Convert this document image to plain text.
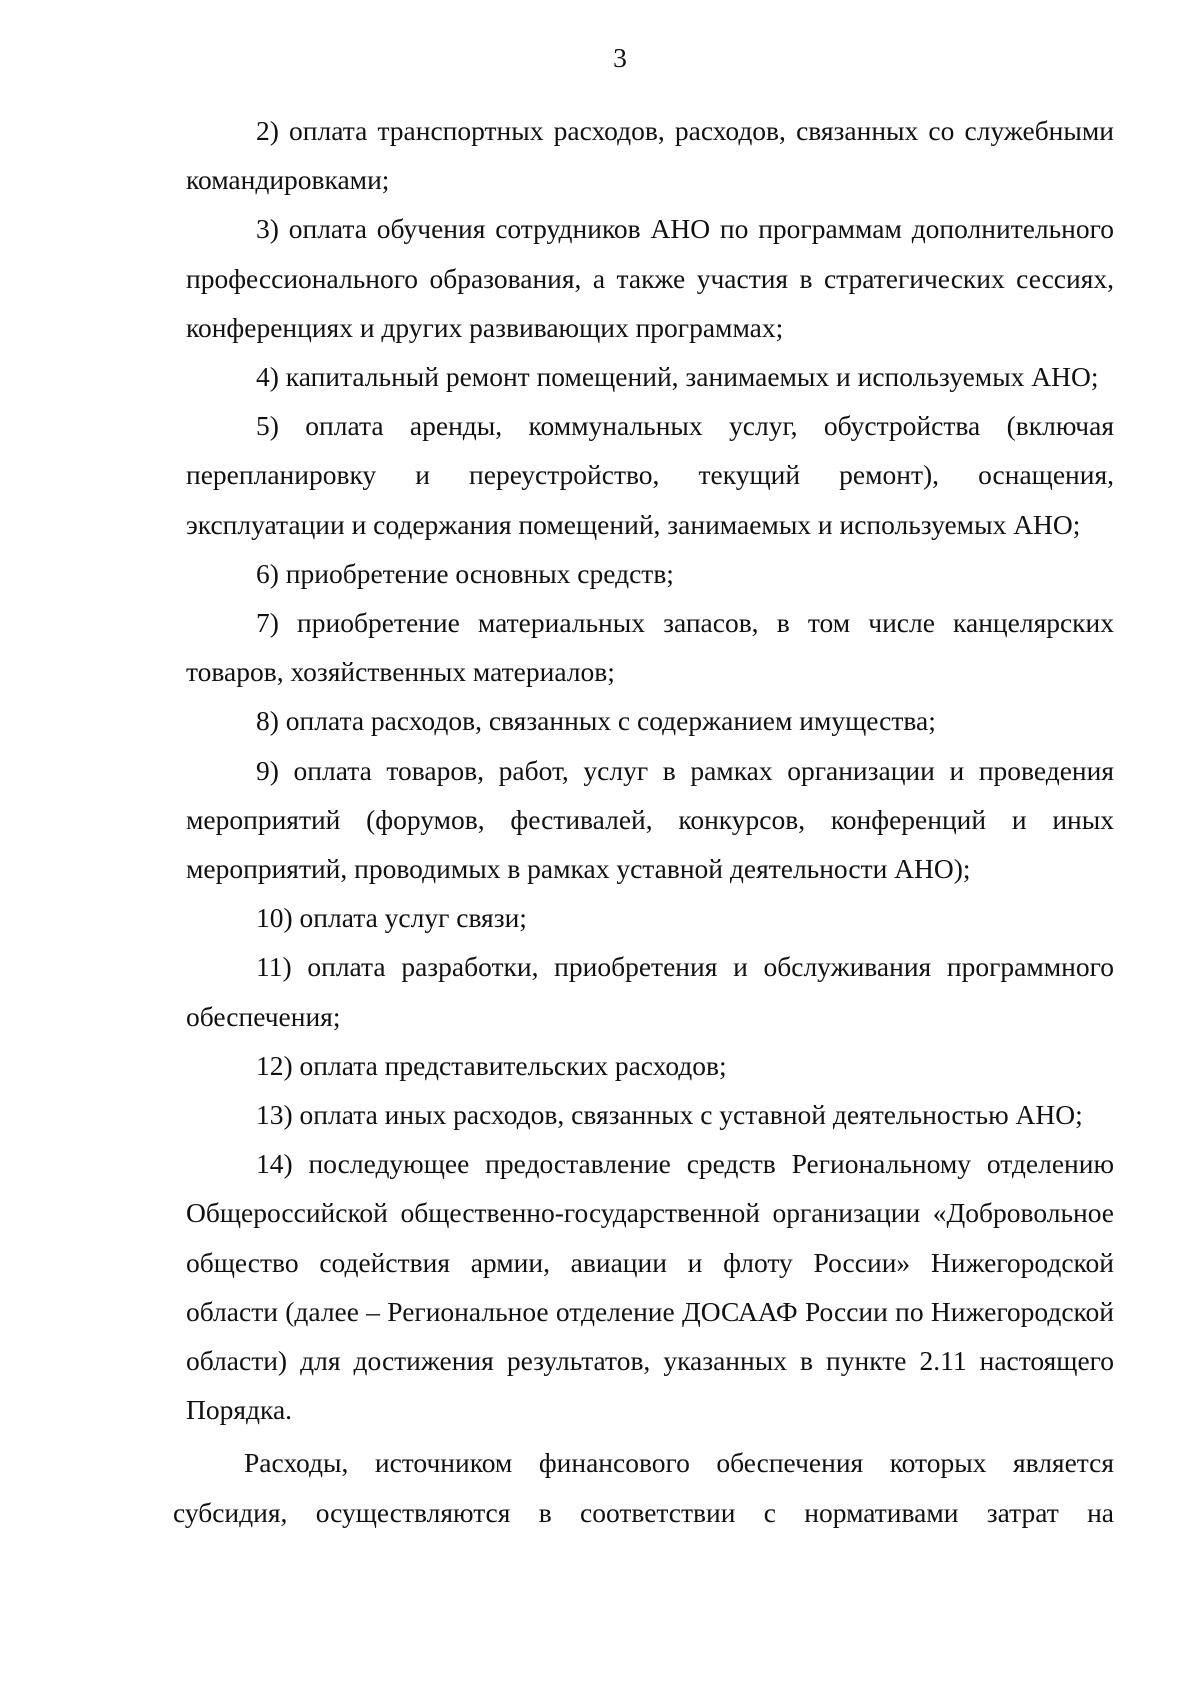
3

2) оплата транспортных расходов, расходов, связанных со служебными командировками;

3) оплата обучения сотрудников АНО по программам дополнительного профессионального образования, а также участия в стратегических сессиях, конференциях и других развивающих программах;

4) капитальный ремонт помещений, занимаемых и используемых АНО;

5) оплата аренды, коммунальных услуг, обустройства (включая перепланировку и переустройство, текущий ремонт), оснащения, эксплуатации и содержания помещений, занимаемых и используемых АНО;

6) приобретение основных средств;

7) приобретение материальных запасов, в том числе канцелярских товаров, хозяйственных материалов;

8) оплата расходов, связанных с содержанием имущества;

9) оплата товаров, работ, услуг в рамках организации и проведения мероприятий (форумов, фестивалей, конкурсов, конференций и иных мероприятий, проводимых в рамках уставной деятельности АНО);

10) оплата услуг связи;

11) оплата разработки, приобретения и обслуживания программного обеспечения;

12) оплата представительских расходов;

13) оплата иных расходов, связанных с уставной деятельностью АНО;

14) последующее предоставление средств Региональному отделению Общероссийской общественно-государственной организации «Добровольное общество содействия армии, авиации и флоту России» Нижегородской области (далее – Региональное отделение ДОСААФ России по Нижегородской области) для достижения результатов, указанных в пункте 2.11 настоящего Порядка.

Расходы, источником финансового обеспечения которых является субсидия, осуществляются в соответствии с нормативами затрат на
